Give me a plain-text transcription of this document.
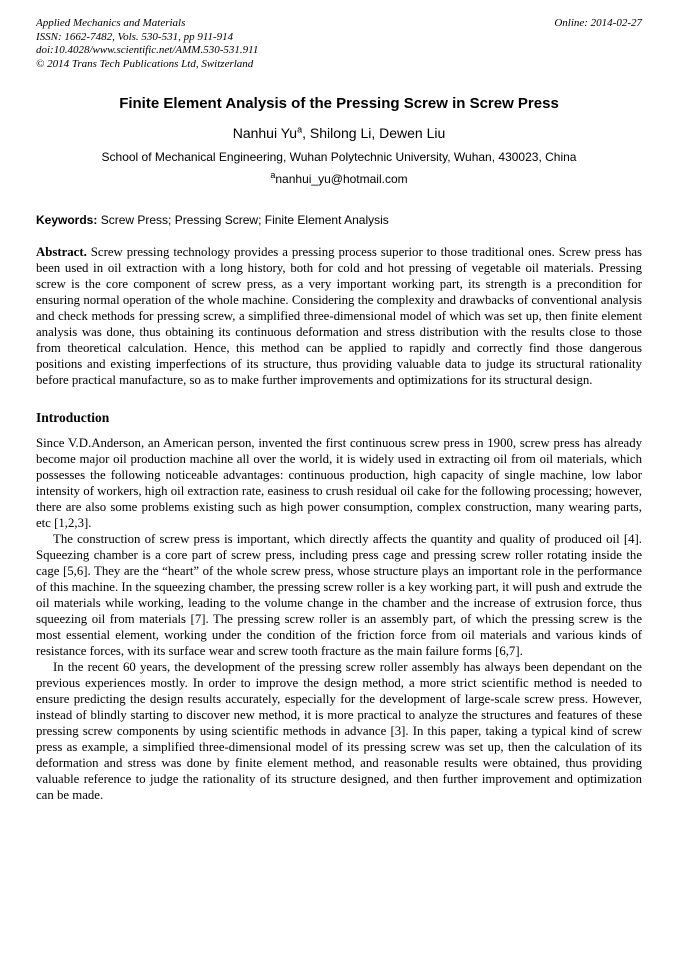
Applied Mechanics and Materials
ISSN: 1662-7482, Vols. 530-531, pp 911-914
doi:10.4028/www.scientific.net/AMM.530-531.911
© 2014 Trans Tech Publications Ltd, Switzerland
Online: 2014-02-27
Finite Element Analysis of the Pressing Screw in Screw Press
Nanhui Yu$^a$, Shilong Li, Dewen Liu
School of Mechanical Engineering, Wuhan Polytechnic University, Wuhan, 430023, China
$^a$nanhui_yu@hotmail.com

Keywords: Screw Press; Pressing Screw; Finite Element Analysis

Abstract. Screw pressing technology provides a pressing process superior to those traditional ones. Screw press has been used in oil extraction with a long history, both for cold and hot pressing of vegetable oil materials. Pressing screw is the core component of screw press, as a very important working part, its strength is a precondition for ensuring normal operation of the whole machine. Considering the complexity and drawbacks of conventional analysis and check methods for pressing screw, a simplified three-dimensional model of which was set up, then finite element analysis was done, thus obtaining its continuous deformation and stress distribution with the results close to those from theoretical calculation. Hence, this method can be applied to rapidly and correctly find those dangerous positions and existing imperfections of its structure, thus providing valuable data to judge its structural rationality before practical manufacture, so as to make further improvements and optimizations for its structural design.

Introduction

Since V.D.Anderson, an American person, invented the first continuous screw press in 1900, screw press has already become major oil production machine all over the world, it is widely used in extracting oil from oil materials, which possesses the following noticeable advantages: continuous production, high capacity of single machine, low labor intensity of workers, high oil extraction rate, easiness to crush residual oil cake for the following processing; however, there are also some problems existing such as high power consumption, complex construction, many wearing parts, etc [1,2,3].

The construction of screw press is important, which directly affects the quantity and quality of produced oil [4]. Squeezing chamber is a core part of screw press, including press cage and pressing screw roller rotating inside the cage [5,6]. They are the “heart” of the whole screw press, whose structure plays an important role in the performance of this machine. In the squeezing chamber, the pressing screw roller is a key working part, it will push and extrude the oil materials while working, leading to the volume change in the chamber and the increase of extrusion force, thus squeezing oil from materials [7]. The pressing screw roller is an assembly part, of which the pressing screw is the most essential element, working under the condition of the friction force from oil materials and various kinds of resistance forces, with its surface wear and screw tooth fracture as the main failure forms [6,7].

In the recent 60 years, the development of the pressing screw roller assembly has always been dependant on the previous experiences mostly. In order to improve the design method, a more strict scientific method is needed to ensure predicting the design results accurately, especially for the development of large-scale screw press. However, instead of blindly starting to discover new method, it is more practical to analyze the structures and features of these pressing screw components by using scientific methods in advance [3]. In this paper, taking a typical kind of screw press as example, a simplified three-dimensional model of its pressing screw was set up, then the calculation of its deformation and stress was done by finite element method, and reasonable results were obtained, thus providing valuable reference to judge the rationality of its structure designed, and then further improvement and optimization can be made.
